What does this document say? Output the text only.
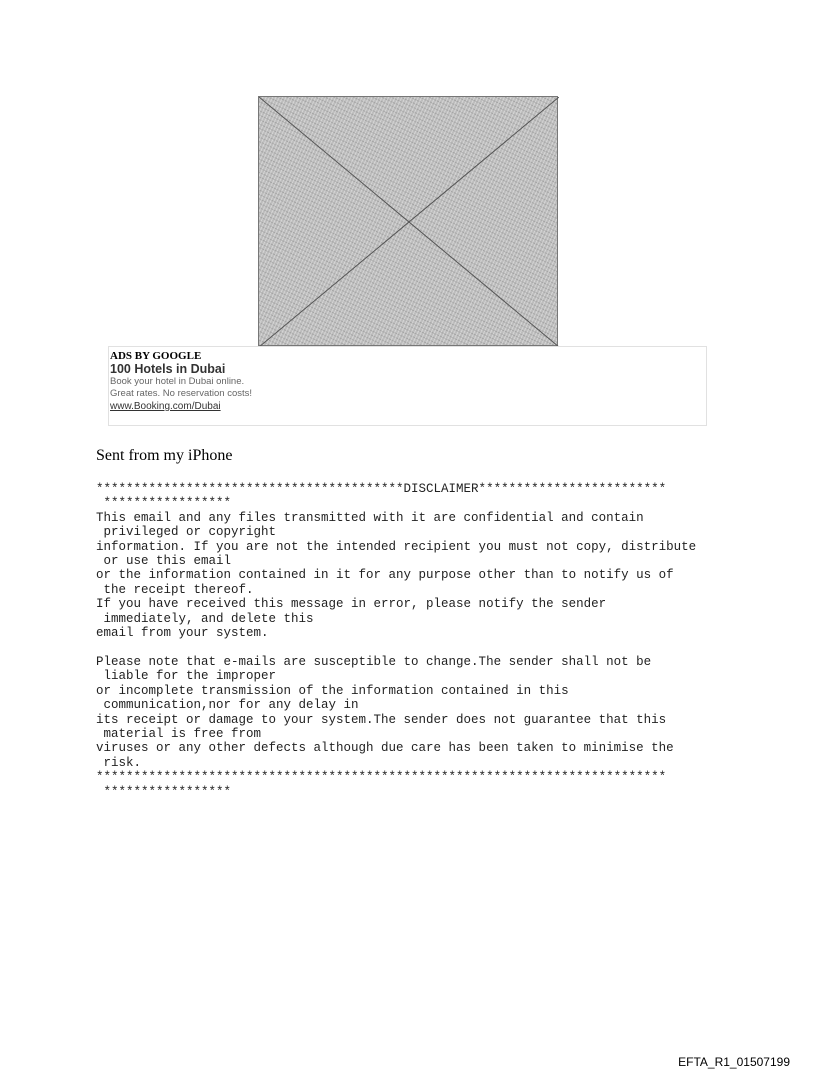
ADS BY GOOGLE
100 Hotels in Dubai
Book your hotel in Dubai online.
Great rates. No reservation costs!
www.Booking.com/Dubai

Sent from my iPhone

*****************************************DISCLAIMER*************************
*****************
This email and any files transmitted with it are confidential and contain
privileged or copyright
information. If you are not the intended recipient you must not copy, distribute
or use this email
or the information contained in it for any purpose other than to notify us of
the receipt thereof.
If you have received this message in error, please notify the sender
immediately, and delete this
email from your system.

Please note that e-mails are susceptible to change.The sender shall not be
liable for the improper
or incomplete transmission of the information contained in this
communication,nor for any delay in
its receipt or damage to your system.The sender does not guarantee that this
material is free from
viruses or any other defects although due care has been taken to minimise the
risk.
****************************************************************************
*****************
EFTA_R1_01507199
